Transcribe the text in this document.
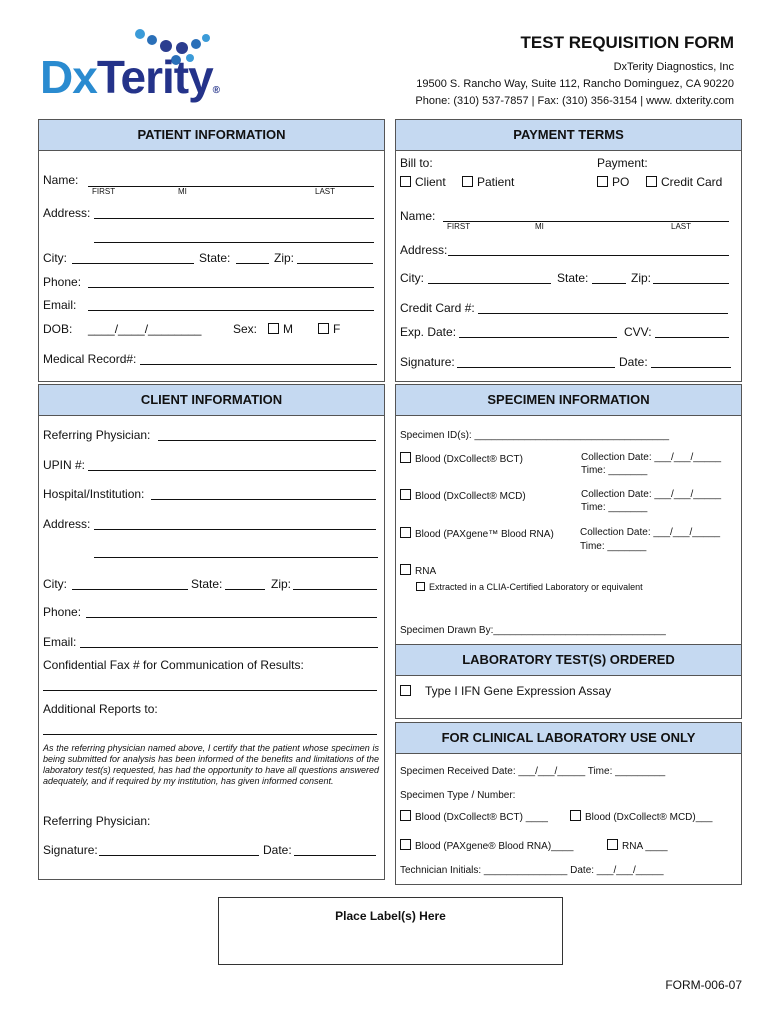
DxTerity®
TEST REQUISITION FORM
DxTerity Diagnostics, Inc
19500 S. Rancho Way, Suite 112, Rancho Dominguez, CA 90220
Phone: (310) 537-7857 | Fax: (310) 356-3154 | www. dxterity.com
PATIENT INFORMATION
Name:
FIRST	MI	LAST
Address:
City:	State:	Zip:
Phone:
Email:
DOB: ____/____/________	Sex:	M	F
Medical Record#:
PAYMENT TERMS
Bill to:	Payment:
Client	Patient	PO	Credit Card
Name:
FIRST	MI	LAST
Address:
City:	State:	Zip:
Credit Card #:
Exp. Date:	CVV:
Signature:	Date:
CLIENT INFORMATION
Referring Physician:
UPIN #:
Hospital/Institution:
Address:
City:	State:	Zip:
Phone:
Email:
Confidential Fax # for Communication of Results:
Additional Reports to:
As the referring physician named above, I certify that the patient whose specimen is being submitted for analysis has been informed of the benefits and limitations of the laboratory test(s) requested, has had the opportunity to have all questions answered adequately, and if required by my institution, has given informed consent.
Referring Physician:
Signature:	Date:
SPECIMEN INFORMATION
Specimen ID(s): ___________________________________
Blood (DxCollect® BCT)	Collection Date: ___/___/_____
Time: _______
Blood (DxCollect® MCD)	Collection Date: ___/___/_____
Time: _______
Blood (PAXgene™ Blood RNA)	Collection Date: ___/___/_____
Time: _______
RNA
Extracted in a CLIA-Certified Laboratory or equivalent
Specimen Drawn By:_______________________________
LABORATORY TEST(S) ORDERED
Type I IFN Gene Expression Assay
FOR CLINICAL LABORATORY USE ONLY
Specimen Received Date: ___/___/_____ Time: _________
Specimen Type / Number:
Blood (DxCollect® BCT) ____	Blood (DxCollect® MCD)___
Blood (PAXgene® Blood RNA)____	RNA ____
Technician Initials: _______________ Date: ___/___/_____
Place Label(s) Here
FORM-006-07
